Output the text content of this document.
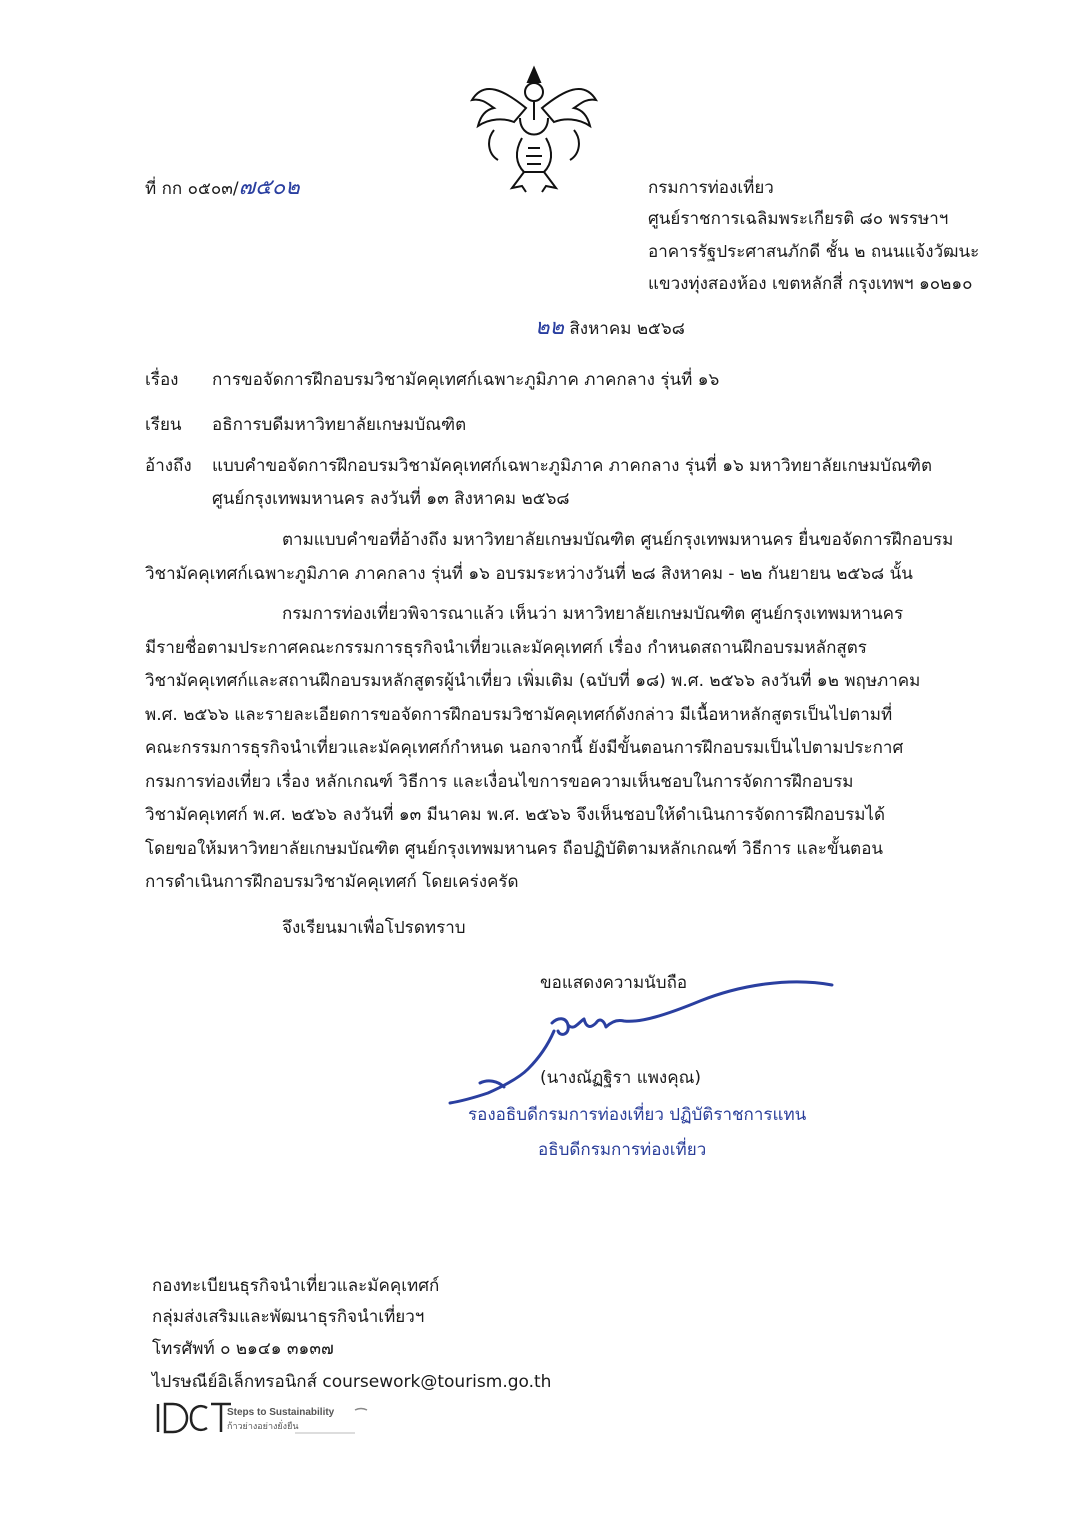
ที่ กก ๐๕๐๓/๗๕๐๒	กรมการท่องเที่ยว
ศูนย์ราชการเฉลิมพระเกียรติ ๘๐ พรรษาฯ
อาคารรัฐประศาสนภักดี ชั้น ๒ ถนนแจ้งวัฒนะ
แขวงทุ่งสองห้อง เขตหลักสี่ กรุงเทพฯ ๑๐๒๑๐
๒๒ สิงหาคม ๒๕๖๘
เรื่อง การขอจัดการฝึกอบรมวิชามัคคุเทศก์เฉพาะภูมิภาค ภาคกลาง รุ่นที่ ๑๖
เรียน อธิการบดีมหาวิทยาลัยเกษมบัณฑิต
อ้างถึง แบบคำขอจัดการฝึกอบรมวิชามัคคุเทศก์เฉพาะภูมิภาค ภาคกลาง รุ่นที่ ๑๖ มหาวิทยาลัยเกษมบัณฑิต
ศูนย์กรุงเทพมหานคร ลงวันที่ ๑๓ สิงหาคม ๒๕๖๘
ตามแบบคำขอที่อ้างถึง มหาวิทยาลัยเกษมบัณฑิต ศูนย์กรุงเทพมหานคร ยื่นขอจัดการฝึกอบรม
วิชามัคคุเทศก์เฉพาะภูมิภาค ภาคกลาง รุ่นที่ ๑๖ อบรมระหว่างวันที่ ๒๘ สิงหาคม - ๒๒ กันยายน ๒๕๖๘ นั้น
กรมการท่องเที่ยวพิจารณาแล้ว เห็นว่า มหาวิทยาลัยเกษมบัณฑิต ศูนย์กรุงเทพมหานคร
มีรายชื่อตามประกาศคณะกรรมการธุรกิจนำเที่ยวและมัคคุเทศก์ เรื่อง กำหนดสถานฝึกอบรมหลักสูตร
วิชามัคคุเทศก์และสถานฝึกอบรมหลักสูตรผู้นำเที่ยว เพิ่มเติม (ฉบับที่ ๑๘) พ.ศ. ๒๕๖๖ ลงวันที่ ๑๒ พฤษภาคม
พ.ศ. ๒๕๖๖ และรายละเอียดการขอจัดการฝึกอบรมวิชามัคคุเทศก์ดังกล่าว มีเนื้อหาหลักสูตรเป็นไปตามที่
คณะกรรมการธุรกิจนำเที่ยวและมัคคุเทศก์กำหนด นอกจากนี้ ยังมีขั้นตอนการฝึกอบรมเป็นไปตามประกาศ
กรมการท่องเที่ยว เรื่อง หลักเกณฑ์ วิธีการ และเงื่อนไขการขอความเห็นชอบในการจัดการฝึกอบรม
วิชามัคคุเทศก์ พ.ศ. ๒๕๖๖ ลงวันที่ ๑๓ มีนาคม พ.ศ. ๒๕๖๖ จึงเห็นชอบให้ดำเนินการจัดการฝึกอบรมได้
โดยขอให้มหาวิทยาลัยเกษมบัณฑิต ศูนย์กรุงเทพมหานคร ถือปฏิบัติตามหลักเกณฑ์ วิธีการ และขั้นตอน
การดำเนินการฝึกอบรมวิชามัคคุเทศก์ โดยเคร่งครัด
จึงเรียนมาเพื่อโปรดทราบ
ขอแสดงความนับถือ
(นางณัฏฐิรา แพงคุณ)
รองอธิบดีกรมการท่องเที่ยว ปฏิบัติราชการแทน
อธิบดีกรมการท่องเที่ยว
กองทะเบียนธุรกิจนำเที่ยวและมัคคุเทศก์
กลุ่มส่งเสริมและพัฒนาธุรกิจนำเที่ยวฯ
โทรศัพท์ ๐ ๒๑๔๑ ๓๑๓๗
ไปรษณีย์อิเล็กทรอนิกส์ coursework@tourism.go.th
Steps to Sustainability
ก้าวย่างอย่างยั่งยืน
